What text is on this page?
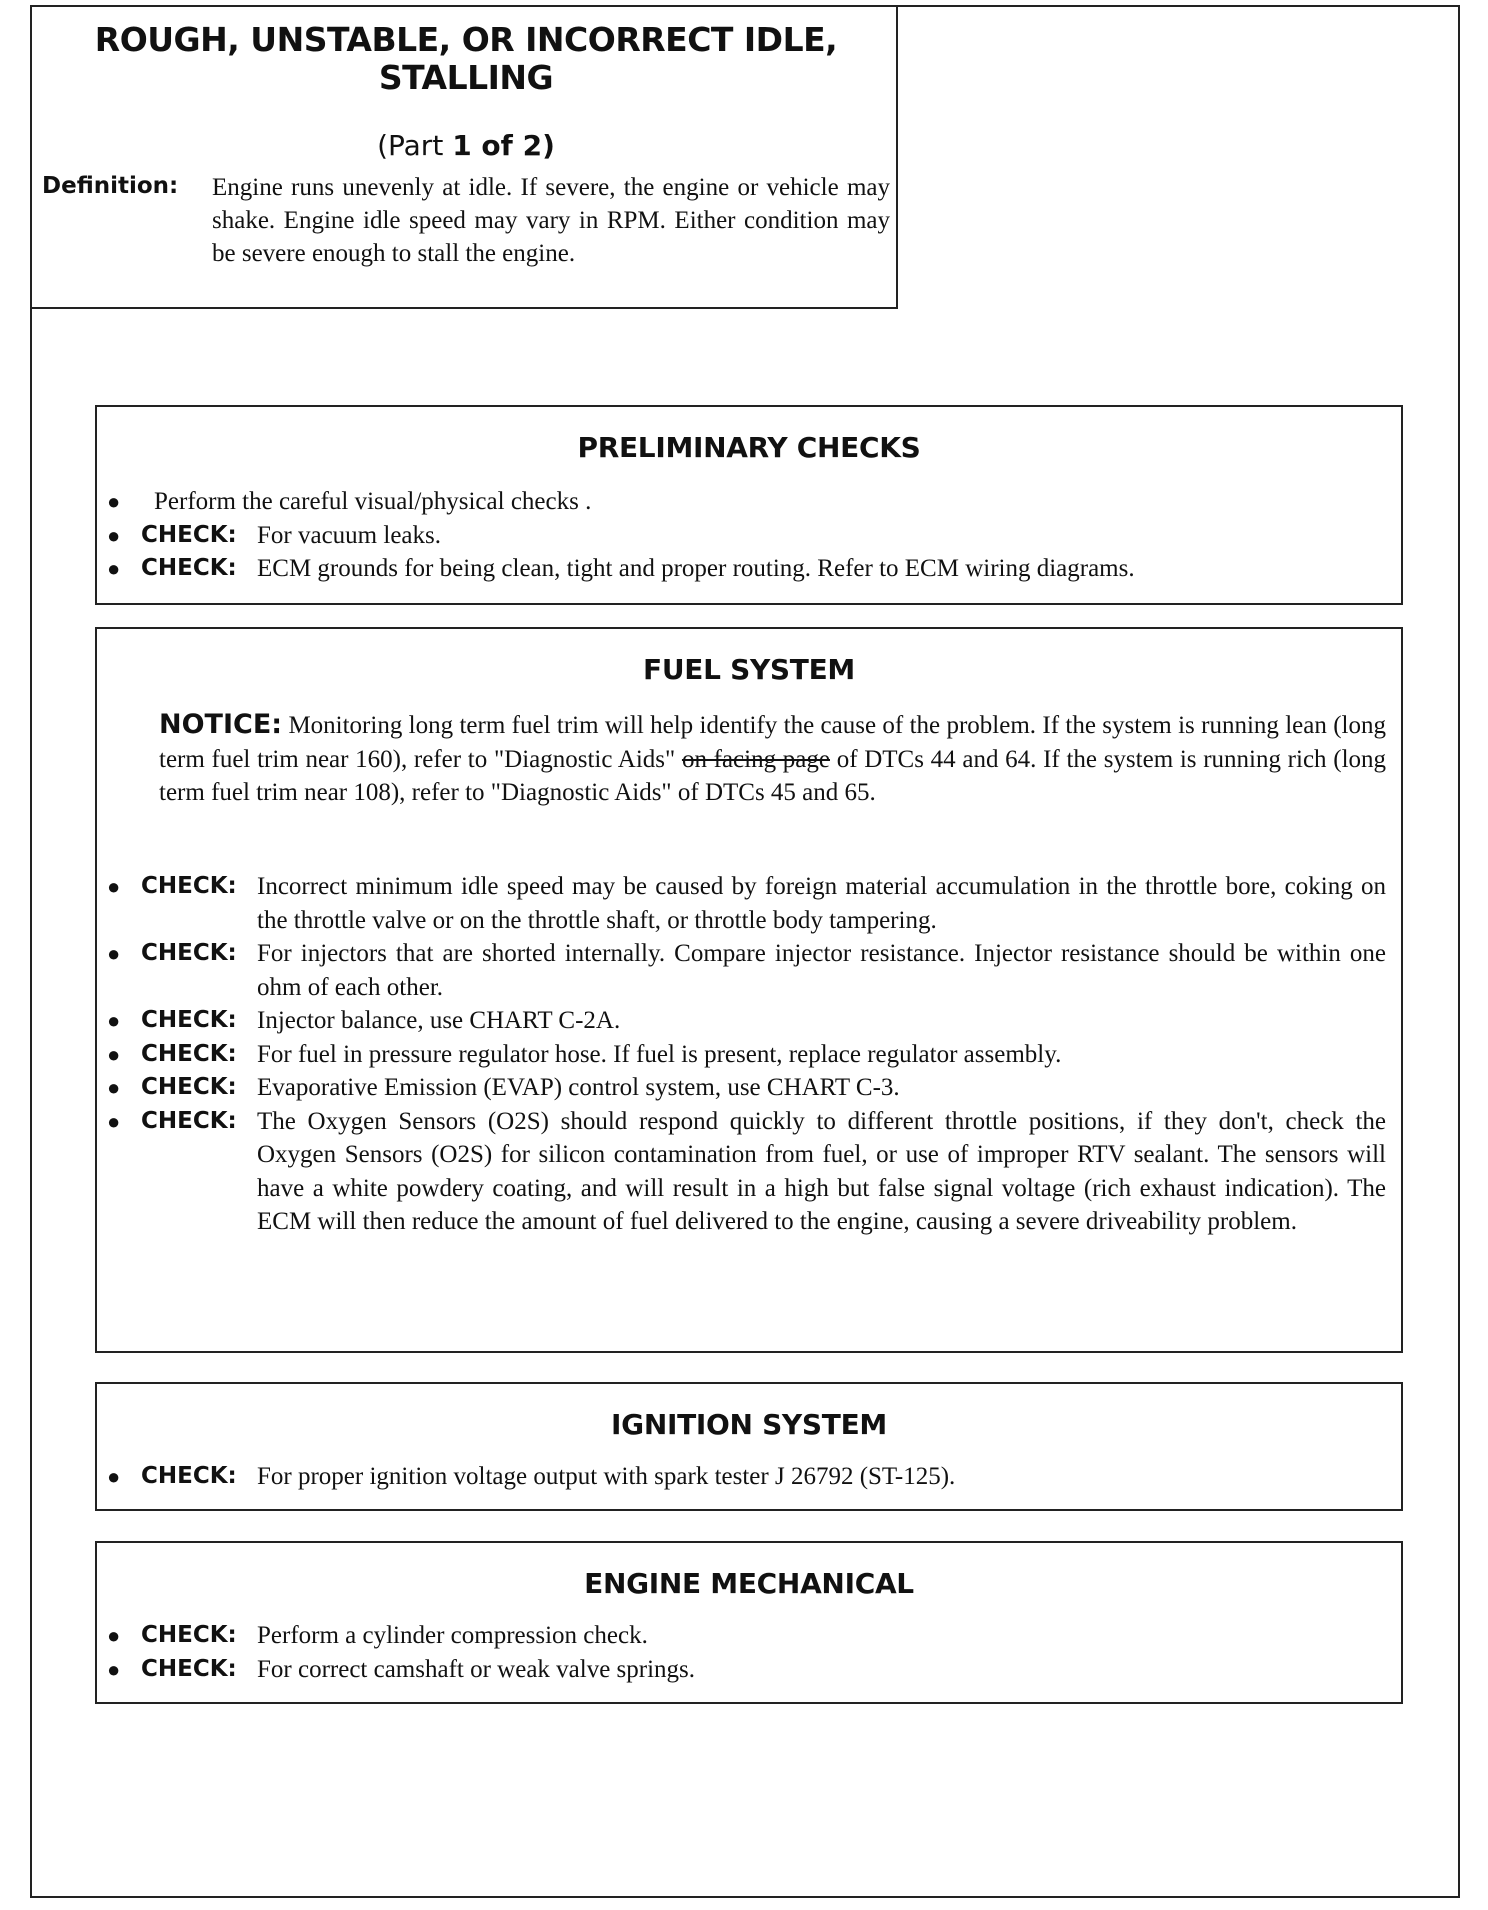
ROUGH, UNSTABLE, OR INCORRECT IDLE,
STALLING
(Part 1 of 2)
Definition: Engine runs unevenly at idle. If severe, the engine or vehicle may shake. Engine idle speed may vary in RPM. Either condition may be severe enough to stall the engine.
PRELIMINARY CHECKS
● Perform the careful visual/physical checks .
● CHECK: For vacuum leaks.
● CHECK: ECM grounds for being clean, tight and proper routing. Refer to ECM wiring diagrams.
FUEL SYSTEM
NOTICE: Monitoring long term fuel trim will help identify the cause of the problem. If the system is running lean (long term fuel trim near 160), refer to "Diagnostic Aids" on facing page of DTCs 44 and 64. If the system is running rich (long term fuel trim near 108), refer to "Diagnostic Aids" of DTCs 45 and 65.
● CHECK: Incorrect minimum idle speed may be caused by foreign material accumulation in the throttle bore, coking on the throttle valve or on the throttle shaft, or throttle body tampering.
● CHECK: For injectors that are shorted internally. Compare injector resistance. Injector resistance should be within one ohm of each other.
● CHECK: Injector balance, use CHART C-2A.
● CHECK: For fuel in pressure regulator hose. If fuel is present, replace regulator assembly.
● CHECK: Evaporative Emission (EVAP) control system, use CHART C-3.
● CHECK: The Oxygen Sensors (O2S) should respond quickly to different throttle positions, if they don't, check the Oxygen Sensors (O2S) for silicon contamination from fuel, or use of improper RTV sealant. The sensors will have a white powdery coating, and will result in a high but false signal voltage (rich exhaust indication). The ECM will then reduce the amount of fuel delivered to the engine, causing a severe driveability problem.
IGNITION SYSTEM
● CHECK: For proper ignition voltage output with spark tester J 26792 (ST-125).
ENGINE MECHANICAL
● CHECK: Perform a cylinder compression check.
● CHECK: For correct camshaft or weak valve springs.
